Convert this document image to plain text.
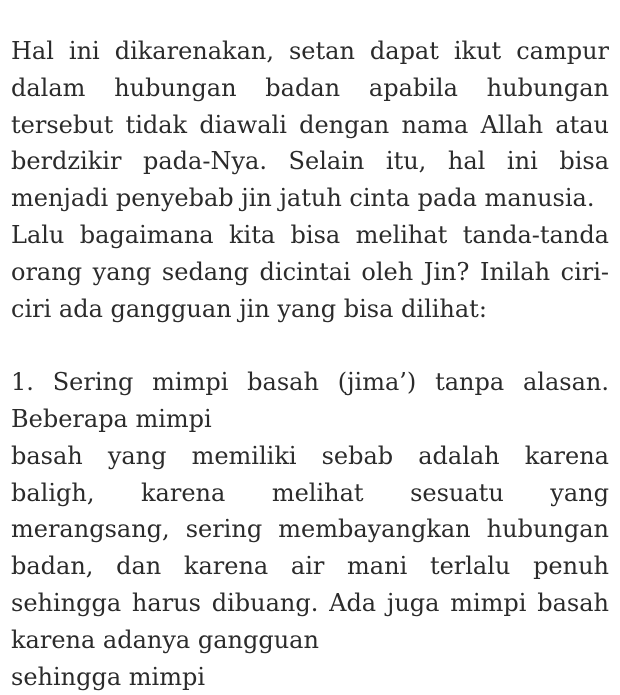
Hal ini dikarenakan, setan dapat ikut campur dalam hubungan badan apabila hubungan tersebut tidak diawali dengan nama Allah atau berdzikir pada-Nya. Selain itu, hal ini bisa menjadi penyebab jin jatuh cinta pada manusia.

Lalu bagaimana kita bisa melihat tanda-tanda orang yang sedang dicintai oleh Jin? Inilah ciri-ciri ada gangguan jin yang bisa dilihat:

1. Sering mimpi basah (jima’) tanpa alasan.

Beberapa mimpi

basah yang memiliki sebab adalah karena baligh, karena melihat sesuatu yang merangsang, sering membayangkan hubungan badan, dan karena air mani terlalu penuh sehingga harus dibuang. Ada juga mimpi basah karena adanya gangguan

sehingga mimpi
